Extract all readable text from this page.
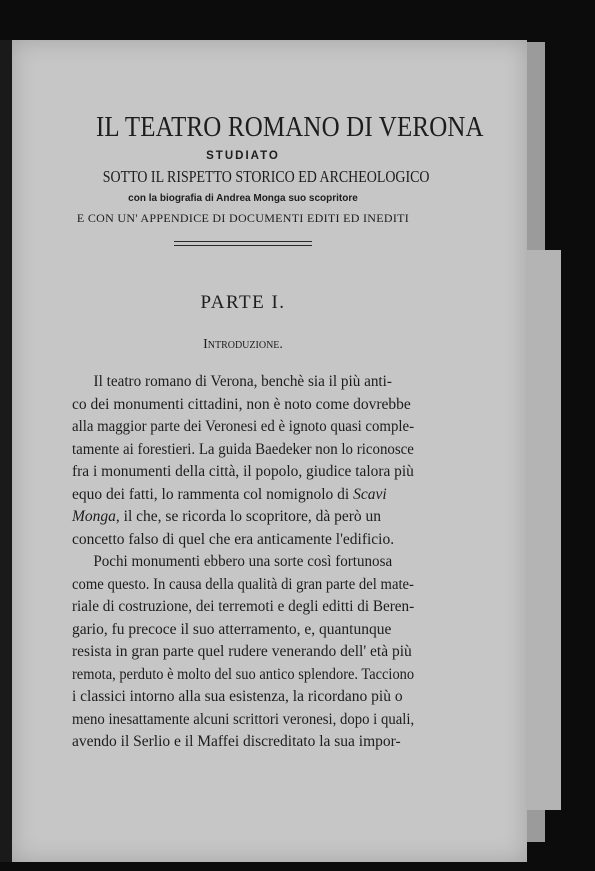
IL TEATRO ROMANO DI VERONA
STUDIATO
SOTTO IL RISPETTO STORICO ED ARCHEOLOGICO
con la biografia di Andrea Monga suo scopritore
E CON UN' APPENDICE DI DOCUMENTI EDITI ED INEDITI
PARTE I.
Introduzione.
Il teatro romano di Verona, benchè sia il più anti-
co dei monumenti cittadini, non è noto come dovrebbe
alla maggior parte dei Veronesi ed è ignoto quasi comple-
tamente ai forestieri. La guida Baedeker non lo riconosce
fra i monumenti della città, il popolo, giudice talora più
equo dei fatti, lo rammenta col nomignolo di Scavi
Monga, il che, se ricorda lo scopritore, dà però un
concetto falso di quel che era anticamente l'edificio.
Pochi monumenti ebbero una sorte così fortunosa
come questo. In causa della qualità di gran parte del mate-
riale di costruzione, dei terremoti e degli editti di Beren-
gario, fu precoce il suo atterramento, e, quantunque
resista in gran parte quel rudere venerando dell' età più
remota, perduto è molto del suo antico splendore. Tacciono
i classici intorno alla sua esistenza, la ricordano più o
meno inesattamente alcuni scrittori veronesi, dopo i quali,
avendo il Serlio e il Maffei discreditato la sua impor-
